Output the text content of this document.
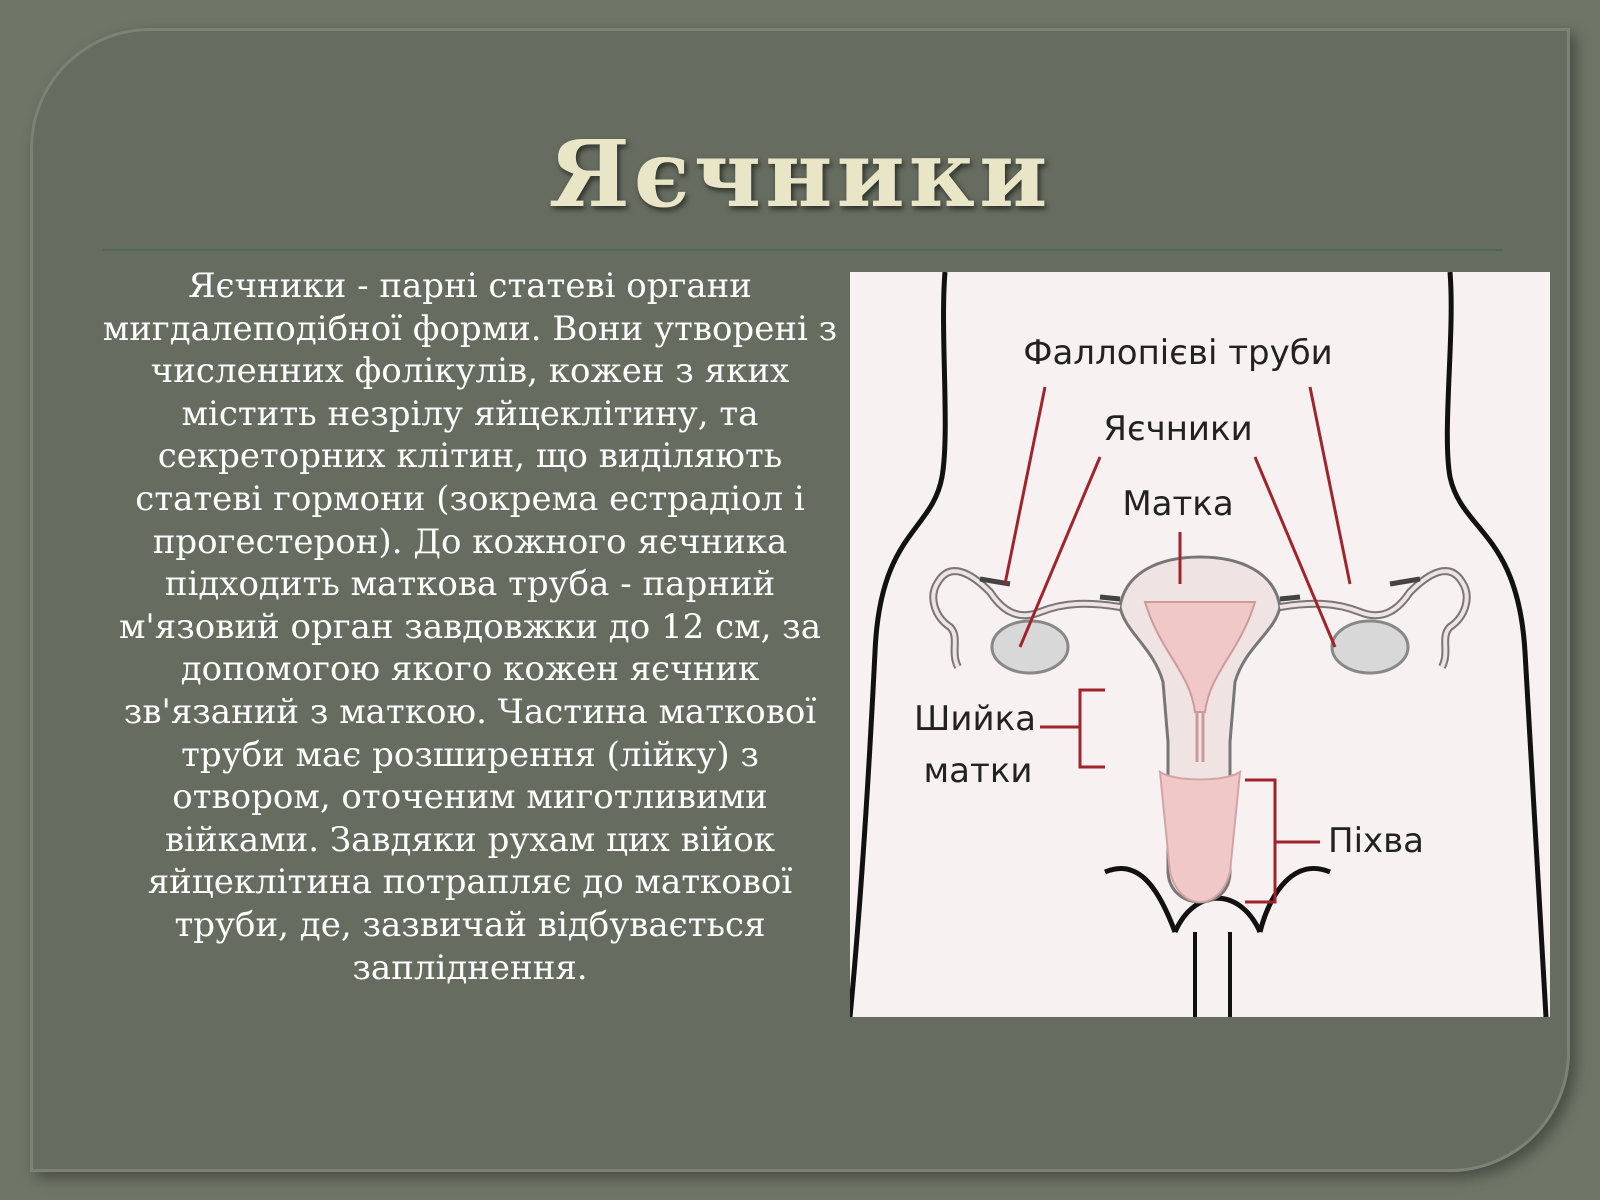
Яєчники

Яєчники - парні статеві органи мигдалеподібної форми. Вони утворені з численних фолікулів, кожен з яких містить незрілу яйцеклітину, та секреторних клітин, що виділяють статеві гормони (зокрема естрадіол і прогестерон). До кожного яєчника підходить маткова труба - парний м'язовий орган завдовжки до 12 см, за допомогою якого кожен яєчник зв'язаний з маткою. Частина маткової труби має розширення (лійку) з отвором, оточеним миготливими війками. Завдяки рухам цих війок яйцеклітина потрапляє до маткової труби, де, зазвичай відбувається запліднення.

Фаллопієві труби
Яєчники
Матка
Шийка
матки
Піхва
